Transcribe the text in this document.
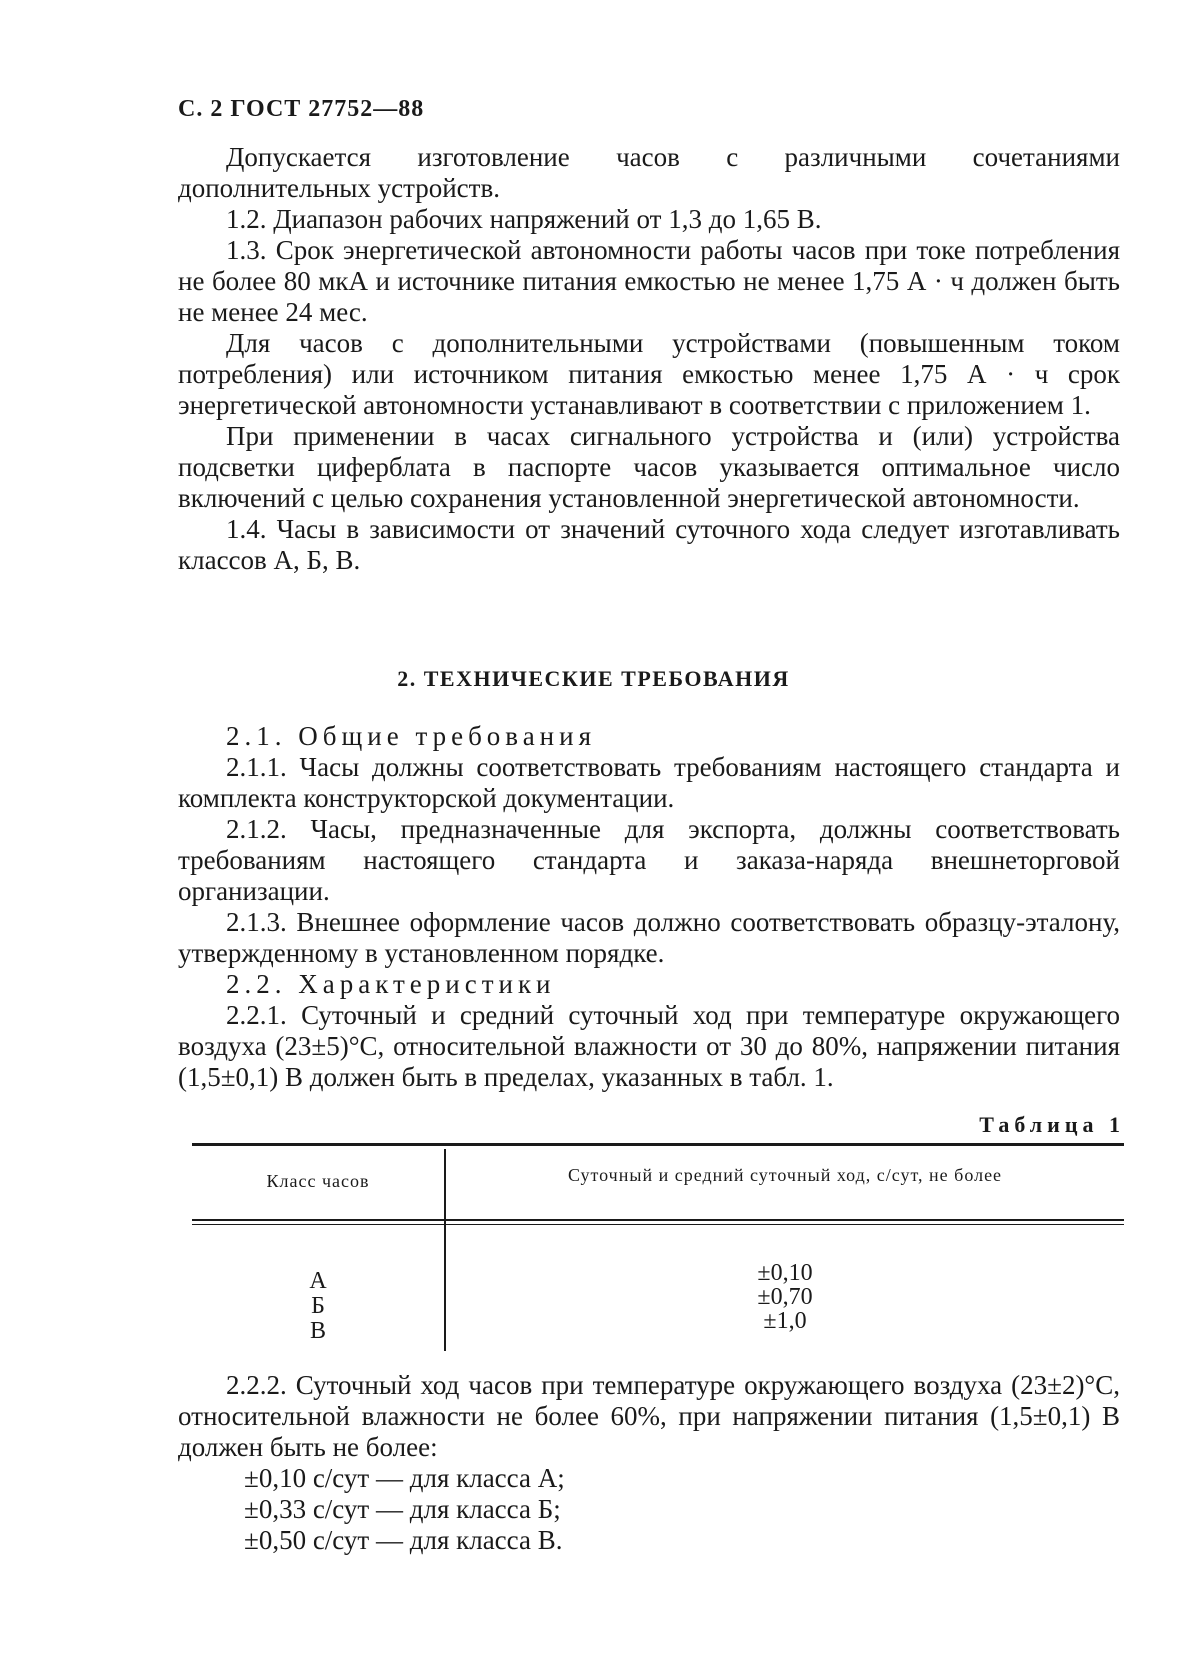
С. 2 ГОСТ 27752—88

Допускается изготовление часов с различными сочетаниями дополнительных устройств.

1.2. Диапазон рабочих напряжений от 1,3 до 1,65 В.

1.3. Срок энергетической автономности работы часов при токе потребления не более 80 мкА и источнике питания емкостью не менее 1,75 А · ч должен быть не менее 24 мес.

Для часов с дополнительными устройствами (повышенным током потребления) или источником питания емкостью менее 1,75 А · ч срок энергетической автономности устанавливают в соответствии с приложением 1.

При применении в часах сигнального устройства и (или) устройства подсветки циферблата в паспорте часов указывается оптимальное число включений с целью сохранения установленной энергетической автономности.

1.4. Часы в зависимости от значений суточного хода следует изготавливать классов А, Б, В.

2. ТЕХНИЧЕСКИЕ ТРЕБОВАНИЯ

2.1. Общие требования

2.1.1. Часы должны соответствовать требованиям настоящего стандарта и комплекта конструкторской документации.

2.1.2. Часы, предназначенные для экспорта, должны соответствовать требованиям настоящего стандарта и заказа-наряда внешнеторговой организации.

2.1.3. Внешнее оформление часов должно соответствовать образцу-эталону, утвержденному в установленном порядке.

2.2. Характеристики

2.2.1. Суточный и средний суточный ход при температуре окружающего воздуха (23±5)°С, относительной влажности от 30 до 80%, напряжении питания (1,5±0,1) В должен быть в пределах, указанных в табл. 1.

Таблица 1
Класс часов	Суточный и средний суточный ход, с/сут, не более
А
Б
В
±0,10
±0,70
±1,0

2.2.2. Суточный ход часов при температуре окружающего воздуха (23±2)°С, относительной влажности не более 60%, при напряжении питания (1,5±0,1) В должен быть не более:

±0,10 с/сут — для класса А;

±0,33 с/сут — для класса Б;

±0,50 с/сут — для класса В.
